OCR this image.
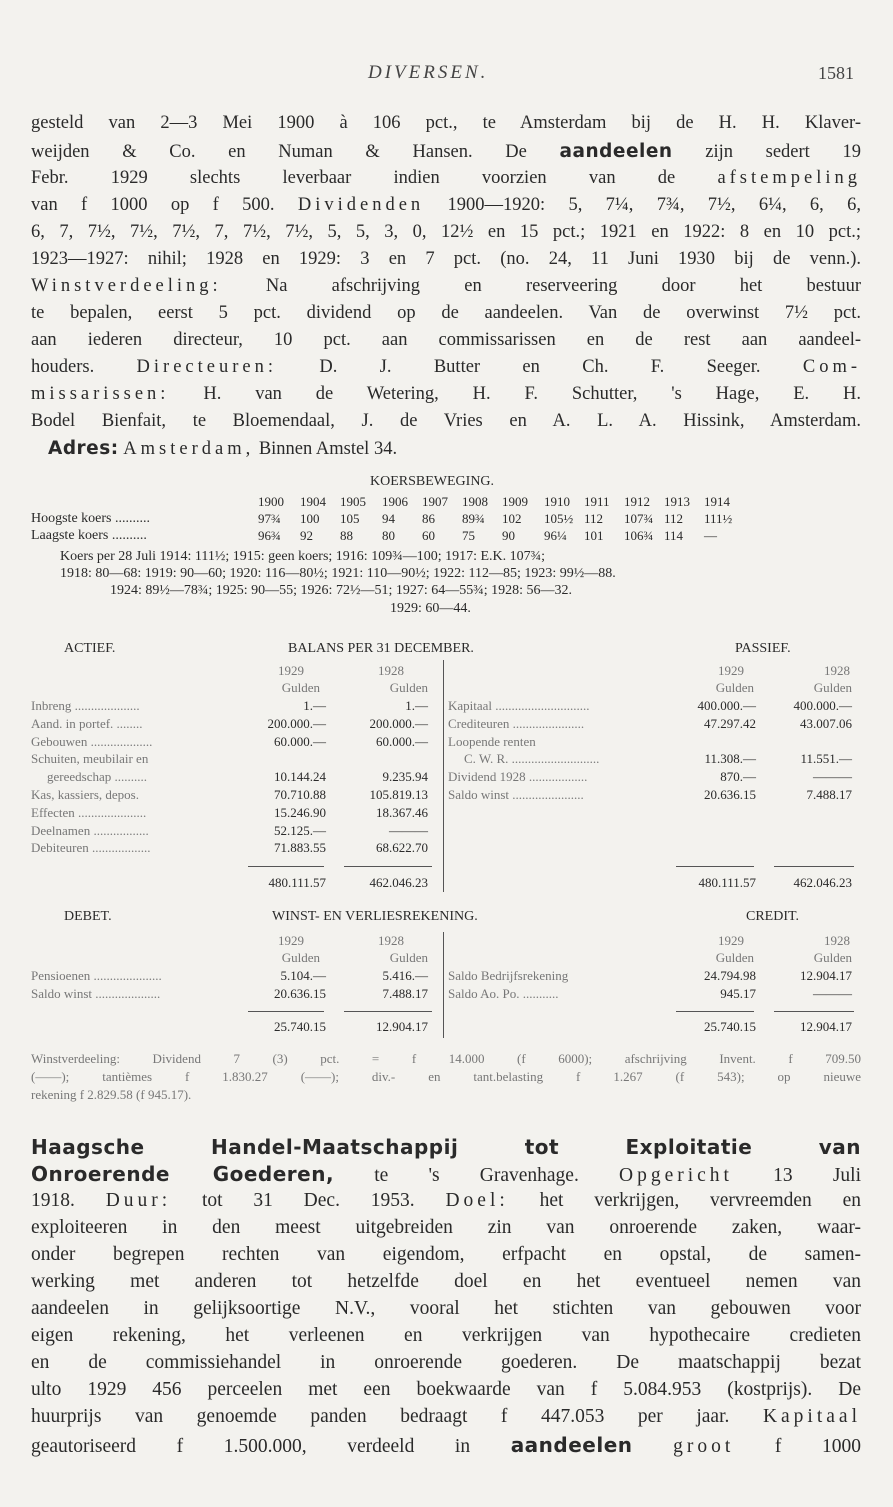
DIVERSEN.	1581
gesteld van 2—3 Mei 1900 à 106 pct., te Amsterdam bij de H. H. Klaver-
weijden & Co. en Numan & Hansen. De aandeelen zijn sedert 19
Febr. 1929 slechts leverbaar indien voorzien van de afstempeling
van f 1000 op f 500. Dividenden 1900—1920: 5, 7¼, 7¾, 7½, 6¼, 6, 6,
6, 7, 7½, 7½, 7½, 7, 7½, 7½, 5, 5, 3, 0, 12½ en 15 pct.; 1921 en 1922: 8 en 10 pct.;
1923—1927: nihil; 1928 en 1929: 3 en 7 pct. (no. 24, 11 Juni 1930 bij de venn.).
Winstverdeeling: Na afschrijving en reserveering door het bestuur
te bepalen, eerst 5 pct. dividend op de aandeelen. Van de overwinst 7½ pct.
aan iederen directeur, 10 pct. aan commissarissen en de rest aan aandeel-
houders. Directeuren: D. J. Butter en Ch. F. Seeger. Com-
missarissen: H. van de Wetering, H. F. Schutter, 's Hage, E. H.
Bodel Bienfait, te Bloemendaal, J. de Vries en A. L. A. Hissink, Amsterdam.
Adres: Amsterdam, Binnen Amstel 34.
KOERSBEWEGING.
Hoogste koers ..........
Laagste koers ..........
1900 1904 1905 1906 1907 1908 1909 1910 1911 1912 1913 1914
97¾ 100 105 94 86 89¾ 102 105½ 112 107¾ 112 111½
96¾ 92 88 80 60 75 90 96¼ 101 106¾ 114 —
Koers per 28 Juli 1914: 111½; 1915: geen koers; 1916: 109¾—100; 1917: E.K. 107¾;
1918: 80—68: 1919: 90—60; 1920: 116—80½; 1921: 110—90½; 1922: 112—85; 1923: 99½—88.
1924: 89½—78¾; 1925: 90—55; 1926: 72½—51; 1927: 64—55¾; 1928: 56—32.
1929: 60—44.
ACTIEF.	BALANS PER 31 DECEMBER.	PASSIEF.
1929	1928
Gulden	Gulden
1929	1928
Gulden	Gulden
Inbreng ....................	1.—	1.—
Aand. in portef. ........	200.000.—	200.000.—
Gebouwen ...................	60.000.—	60.000.—
Schuiten, meubilair en
gereedschap ..........	10.144.24	9.235.94
Kas, kassiers, depos.	70.710.88	105.819.13
Effecten .....................	15.246.90	18.367.46
Deelnamen .................	52.125.—	———
Debiteuren ..................	71.883.55	68.622.70
Kapitaal .............................	400.000.—	400.000.—
Crediteuren ......................	47.297.42	43.007.06
Loopende renten
C. W. R. ...........................	11.308.—	11.551.—
Dividend 1928 ..................	870.—	———
Saldo winst ......................	20.636.15	7.488.17
480.111.57	462.046.23	480.111.57	462.046.23
DEBET.	WINST- EN VERLIESREKENING.	CREDIT.
1929	1928
Gulden	Gulden
1929	1928
Gulden	Gulden
Pensioenen .....................	5.104.—	5.416.—
Saldo winst ....................	20.636.15	7.488.17
Saldo Bedrijfsrekening	24.794.98	12.904.17
Saldo Ao. Po. ...........	945.17	———
25.740.15	12.904.17	25.740.15	12.904.17
Winstverdeeling: Dividend 7 (3) pct. = f 14.000 (f 6000); afschrijving Invent. f 709.50
(——); tantièmes f 1.830.27 (——); div.- en tant.belasting f 1.267 (f 543); op nieuwe
rekening f 2.829.58 (f 945.17).
Haagsche Handel-Maatschappij tot Exploitatie van
Onroerende Goederen, te 's Gravenhage. Opgericht 13 Juli
1918. Duur: tot 31 Dec. 1953. Doel: het verkrijgen, vervreemden en
exploiteeren in den meest uitgebreiden zin van onroerende zaken, waar-
onder begrepen rechten van eigendom, erfpacht en opstal, de samen-
werking met anderen tot hetzelfde doel en het eventueel nemen van
aandeelen in gelijksoortige N.V., vooral het stichten van gebouwen voor
eigen rekening, het verleenen en verkrijgen van hypothecaire credieten
en de commissiehandel in onroerende goederen. De maatschappij bezat
ulto 1929 456 perceelen met een boekwaarde van f 5.084.953 (kostprijs). De
huurprijs van genoemde panden bedraagt f 447.053 per jaar. Kapitaal
geautoriseerd f 1.500.000, verdeeld in aandeelen groot f 1000
